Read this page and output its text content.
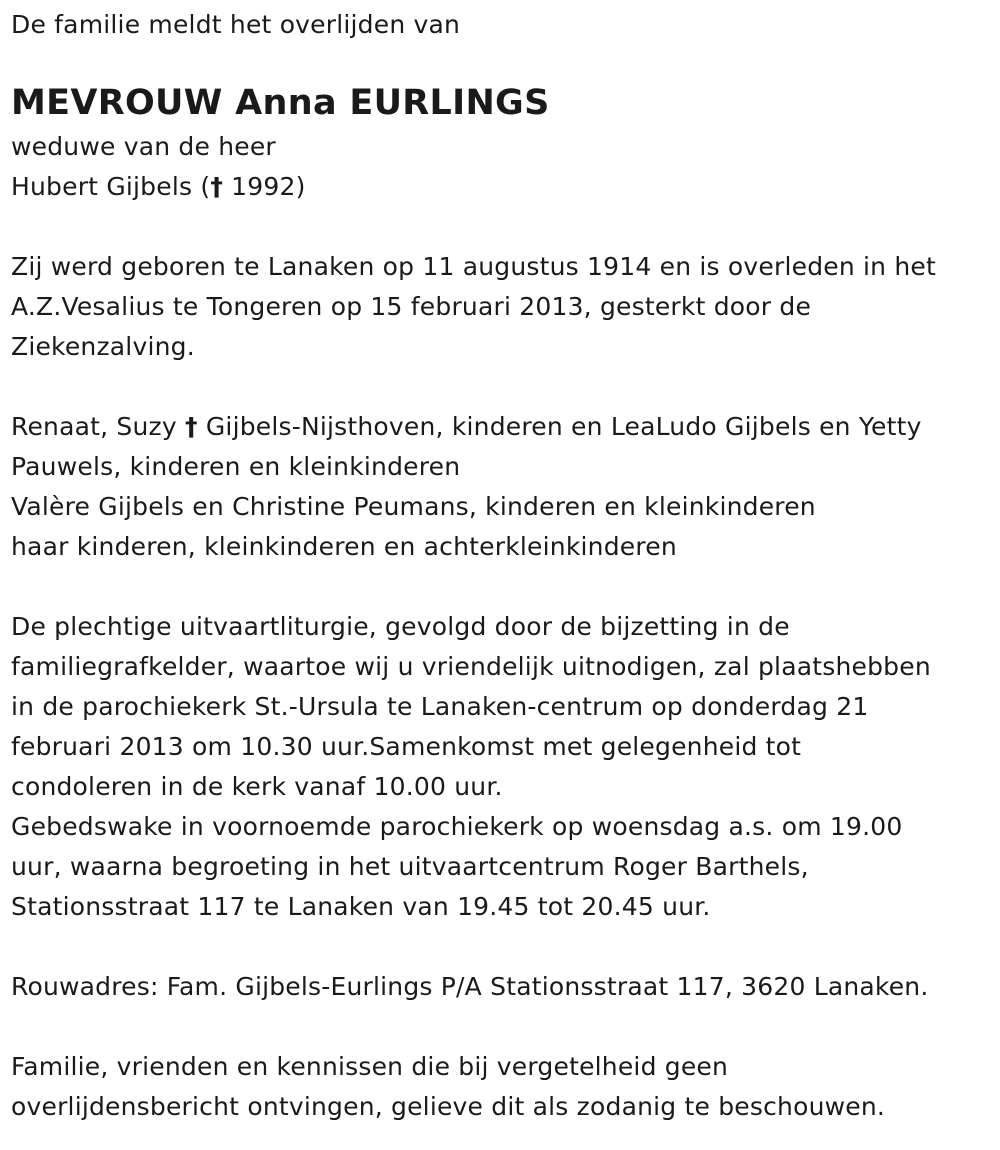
De familie meldt het overlijden van
MEVROUW Anna EURLINGS
weduwe van de heer
Hubert Gijbels († 1992)
Zij werd geboren te Lanaken op 11 augustus 1914 en is overleden in het
A.Z.Vesalius te Tongeren op 15 februari 2013, gesterkt door de
Ziekenzalving.
Renaat, Suzy † Gijbels-Nijsthoven, kinderen en LeaLudo Gijbels en Yetty
Pauwels, kinderen en kleinkinderen
Valère Gijbels en Christine Peumans, kinderen en kleinkinderen
haar kinderen, kleinkinderen en achterkleinkinderen
De plechtige uitvaartliturgie, gevolgd door de bijzetting in de
familiegrafkelder, waartoe wij u vriendelijk uitnodigen, zal plaatshebben
in de parochiekerk St.-Ursula te Lanaken-centrum op donderdag 21
februari 2013 om 10.30 uur.Samenkomst met gelegenheid tot
condoleren in de kerk vanaf 10.00 uur.
Gebedswake in voornoemde parochiekerk op woensdag a.s. om 19.00
uur, waarna begroeting in het uitvaartcentrum Roger Barthels,
Stationsstraat 117 te Lanaken van 19.45 tot 20.45 uur.
Rouwadres: Fam. Gijbels-Eurlings P/A Stationsstraat 117, 3620 Lanaken.
Familie, vrienden en kennissen die bij vergetelheid geen
overlijdensbericht ontvingen, gelieve dit als zodanig te beschouwen.
